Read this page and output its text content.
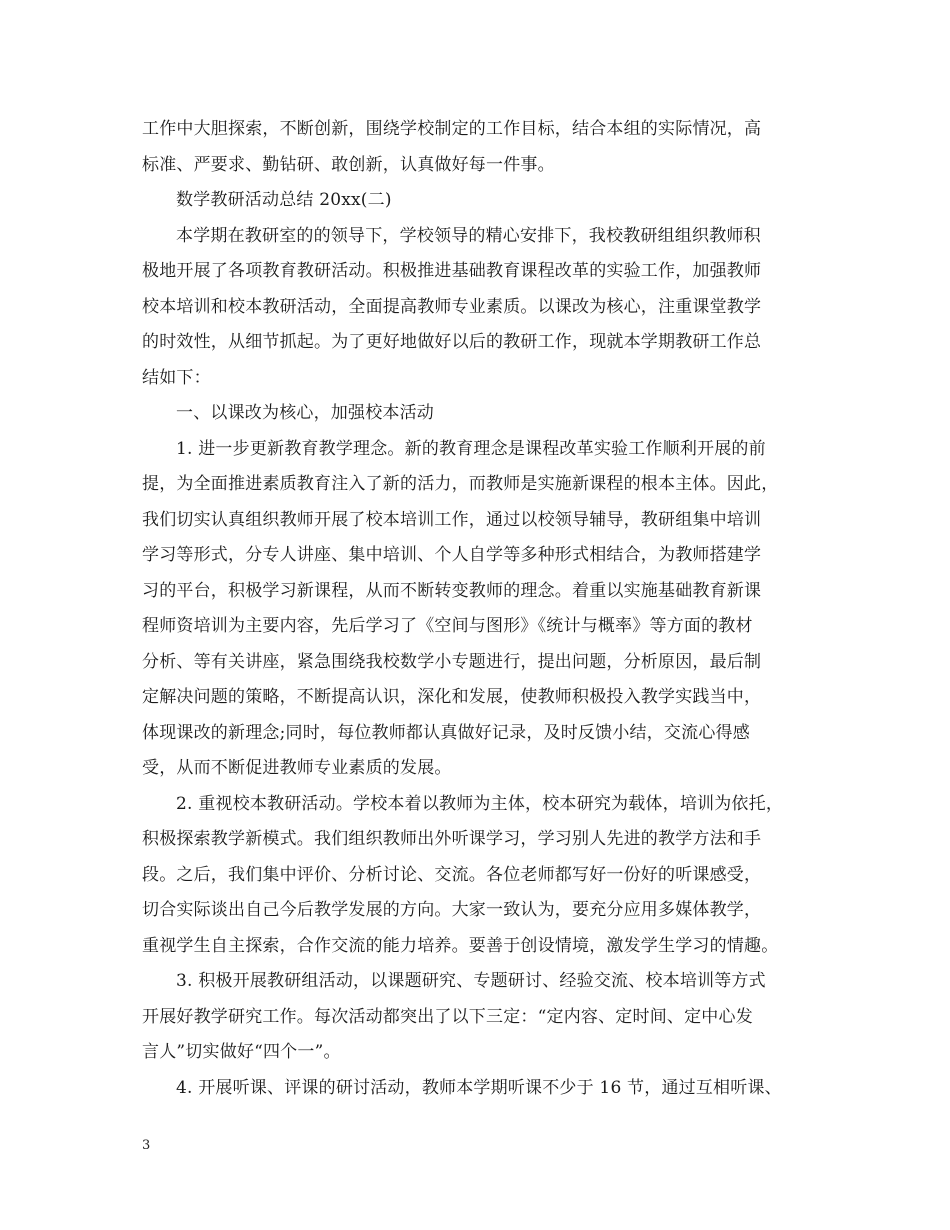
工作中大胆探索，不断创新，围绕学校制定的工作目标，结合本组的实际情况，高
标准、严要求、勤钻研、敢创新，认真做好每一件事。
数学教研活动总结 20xx(二)
本学期在教研室的的领导下，学校领导的精心安排下，我校教研组组织教师积
极地开展了各项教育教研活动。积极推进基础教育课程改革的实验工作，加强教师
校本培训和校本教研活动，全面提高教师专业素质。以课改为核心，注重课堂教学
的时效性，从细节抓起。为了更好地做好以后的教研工作，现就本学期教研工作总
结如下：
一、以课改为核心，加强校本活动
1. 进一步更新教育教学理念。新的教育理念是课程改革实验工作顺利开展的前
提，为全面推进素质教育注入了新的活力，而教师是实施新课程的根本主体。因此，
我们切实认真组织教师开展了校本培训工作，通过以校领导辅导，教研组集中培训
学习等形式，分专人讲座、集中培训、个人自学等多种形式相结合，为教师搭建学
习的平台，积极学习新课程，从而不断转变教师的理念。着重以实施基础教育新课
程师资培训为主要内容，先后学习了《空间与图形》《统计与概率》等方面的教材
分析、等有关讲座，紧急围绕我校数学小专题进行，提出问题，分析原因，最后制
定解决问题的策略，不断提高认识，深化和发展，使教师积极投入教学实践当中，
体现课改的新理念;同时，每位教师都认真做好记录，及时反馈小结，交流心得感
受，从而不断促进教师专业素质的发展。
2. 重视校本教研活动。学校本着以教师为主体，校本研究为载体，培训为依托，
积极探索教学新模式。我们组织教师出外听课学习，学习别人先进的教学方法和手
段。之后，我们集中评价、分析讨论、交流。各位老师都写好一份好的听课感受，
切合实际谈出自己今后教学发展的方向。大家一致认为，要充分应用多媒体教学，
重视学生自主探索，合作交流的能力培养。要善于创设情境，激发学生学习的情趣。
3. 积极开展教研组活动，以课题研究、专题研讨、经验交流、校本培训等方式
开展好教学研究工作。每次活动都突出了以下三定：“定内容、定时间、定中心发
言人”切实做好“四个一”。
4. 开展听课、评课的研讨活动，教师本学期听课不少于 16 节，通过互相听课、
3
